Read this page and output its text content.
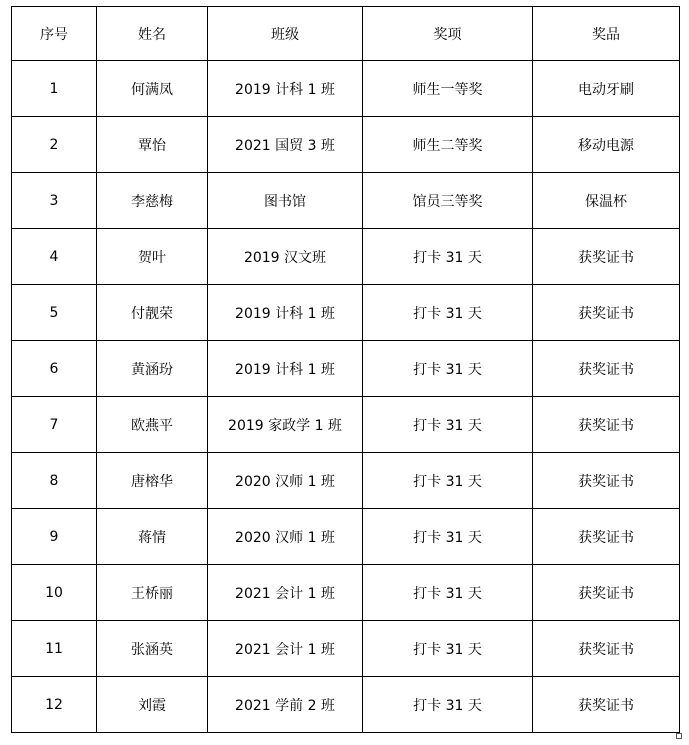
序号	姓名	班级	奖项	奖品
1	何满凤	2019 计科 1 班	师生一等奖	电动牙刷
2	覃怡	2021 国贸 3 班	师生二等奖	移动电源
3	李慈梅	图书馆	馆员三等奖	保温杯
4	贺叶	2019 汉文班	打卡 31 天	获奖证书
5	付靓荣	2019 计科 1 班	打卡 31 天	获奖证书
6	黄涵玢	2019 计科 1 班	打卡 31 天	获奖证书
7	欧燕平	2019 家政学 1 班	打卡 31 天	获奖证书
8	唐榕华	2020 汉师 1 班	打卡 31 天	获奖证书
9	蒋情	2020 汉师 1 班	打卡 31 天	获奖证书
10	王桥丽	2021 会计 1 班	打卡 31 天	获奖证书
11	张涵英	2021 会计 1 班	打卡 31 天	获奖证书
12	刘霞	2021 学前 2 班	打卡 31 天	获奖证书
